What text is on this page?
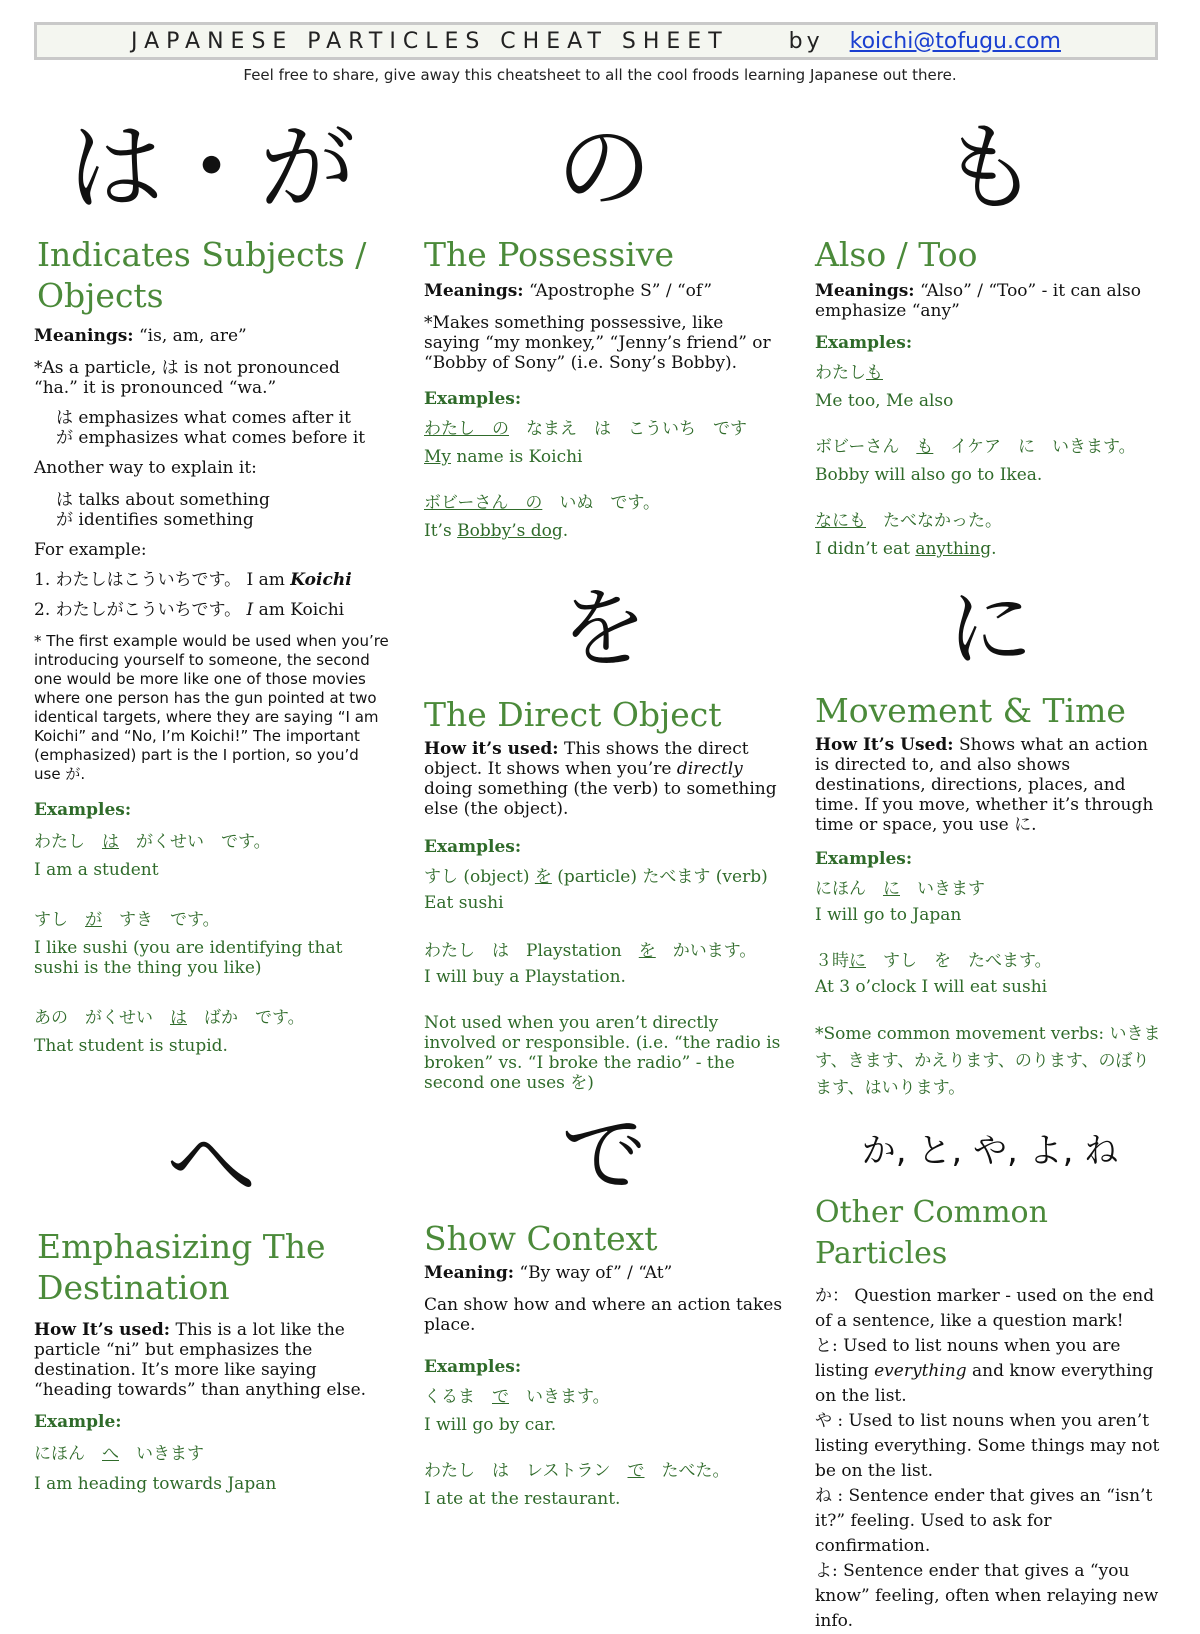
JAPANESE PARTICLES CHEAT SHEET	by koichi@tofugu.com
Feel free to share, give away this cheatsheet to all the cool froods learning Japanese out there.
は・が
Indicates Subjects / Objects

Meanings: “is, am, are”

*As a particle, は is not pronounced “ha.” it is pronounced “wa.”

は emphasizes what comes after it

が emphasizes what comes before it

Another way to explain it:

は talks about something

が identifies something

For example:

1. わたしはこういちです。 I am Koichi

2. わたしがこういちです。 I am Koichi

* The first example would be used when you’re introducing yourself to someone, the second one would be more like one of those movies where one person has the gun pointed at two identical targets, where they are saying “I am Koichi” and “No, I’m Koichi!” The important (emphasized) part is the I portion, so you’d use が.

Examples:

わたし　は　がくせい　です。

I am a student

すし　が　すき　です。

I like sushi (you are identifying that sushi is the thing you like)

あの　がくせい　は　ばか　です。

That student is stupid.

へ
Emphasizing The Destination

How It’s used: This is a lot like the particle “ni” but emphasizes the destination. It’s more like saying “heading towards” than anything else.

Example:

にほん　へ　いきます

I am heading towards Japan

の
The Possessive

Meanings: “Apostrophe S” / “of”

*Makes something possessive, like saying “my monkey,” “Jenny’s friend” or “Bobby of Sony” (i.e. Sony’s Bobby).

Examples:

わたし　の　なまえ　は　こういち　です

My name is Koichi

ボビーさん　の　いぬ　です。

It’s Bobby’s dog.

を
The Direct Object

How it’s used: This shows the direct object. It shows when you’re directly doing something (the verb) to something else (the object).

Examples:

すし (object) を (particle) たべます (verb)

Eat sushi

わたし　は　Playstation　を　かいます。

I will buy a Playstation.

Not used when you aren’t directly involved or responsible. (i.e. “the radio is broken” vs. “I broke the radio” - the second one uses を)

で
Show Context

Meaning: “By way of” / “At”

Can show how and where an action takes place.

Examples:

くるま　で　いきます。

I will go by car.

わたし　は　レストラン　で　たべた。

I ate at the restaurant.

も
Also / Too

Meanings: “Also” / “Too” - it can also emphasize “any”

Examples:

わたしも

Me too, Me also

ボビーさん　も　イケア　に　いきます。

Bobby will also go to Ikea.

なにも　たべなかった。

I didn’t eat anything.

に
Movement & Time

How It’s Used: Shows what an action is directed to, and also shows destinations, directions, places, and time. If you move, whether it’s through time or space, you use に.

Examples:

にほん　に　いきます

I will go to Japan

３時に　すし　を　たべます。

At 3 o’clock I will eat sushi

*Some common movement verbs: いきます、きます、かえります、のります、のぼります、はいります。

か, と, や, よ, ね
Other Common Particles

か： Question marker - used on the end of a sentence, like a question mark!

と: Used to list nouns when you are listing everything and know everything on the list.

や : Used to list nouns when you aren’t listing everything. Some things may not be on the list.

ね : Sentence ender that gives an “isn’t it?” feeling. Used to ask for confirmation.

よ: Sentence ender that gives a “you know” feeling, often when relaying new info.
